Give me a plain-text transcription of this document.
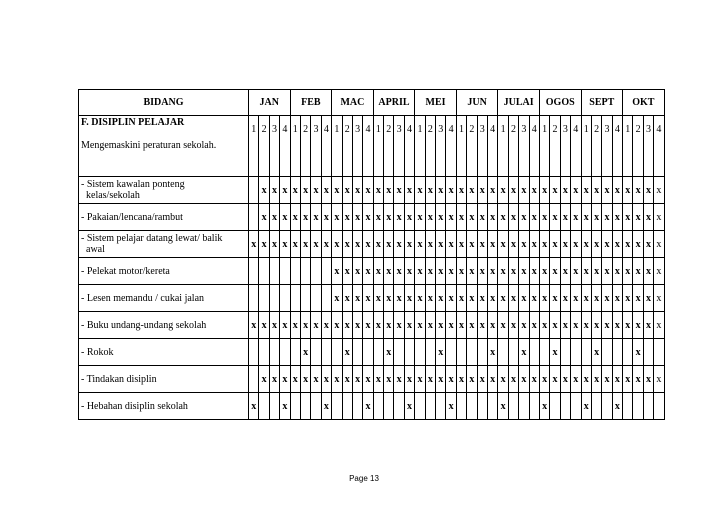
BIDANG	JAN				FEB				MAC				APRIL				MEI				JUN				JULAI				OGOS				SEPT				OKT			

F. DISIPLIN PELAJAR
Mengemaskini peraturan sekolah.	1	2	3	4	1	2	3	4	1	2	3	4	1	2	3	4	1	2	3	4	1	2	3	4	1	2	3	4	1	2	3	4	1	2	3	4	1	2	3	4

- Sistem kawalan ponteng
kelas/sekolah		x	x	x	x	x	x	x	x	x	x	x	x	x	x	x	x	x	x	x	x	x	x	x	x	x	x	x	x	x	x	x	x	x	x	x	x	x	x	x

- Pakaian/lencana/rambut		x	x	x	x	x	x	x	x	x	x	x	x	x	x	x	x	x	x	x	x	x	x	x	x	x	x	x	x	x	x	x	x	x	x	x	x	x	x	x

- Sistem pelajar datang lewat/ balik
awal	x	x	x	x	x	x	x	x	x	x	x	x	x	x	x	x	x	x	x	x	x	x	x	x	x	x	x	x	x	x	x	x	x	x	x	x	x	x	x	x

- Pelekat motor/kereta									x	x	x	x	x	x	x	x	x	x	x	x	x	x	x	x	x	x	x	x	x	x	x	x	x	x	x	x	x	x	x	x

- Lesen memandu / cukai jalan									x	x	x	x	x	x	x	x	x	x	x	x	x	x	x	x	x	x	x	x	x	x	x	x	x	x	x	x	x	x	x	x

- Buku undang-undang sekolah	x	x	x	x	x	x	x	x	x	x	x	x	x	x	x	x	x	x	x	x	x	x	x	x	x	x	x	x	x	x	x	x	x	x	x	x	x	x	x	x

- Rokok						x				x				x					x					x			x			x				x				x		

- Tindakan disiplin		x	x	x	x	x	x	x	x	x	x	x	x	x	x	x	x	x	x	x	x	x	x	x	x	x	x	x	x	x	x	x	x	x	x	x	x	x	x	x

- Hebahan disiplin sekolah	x			x				x				x				x				x					x				x				x			x				
Page 13
